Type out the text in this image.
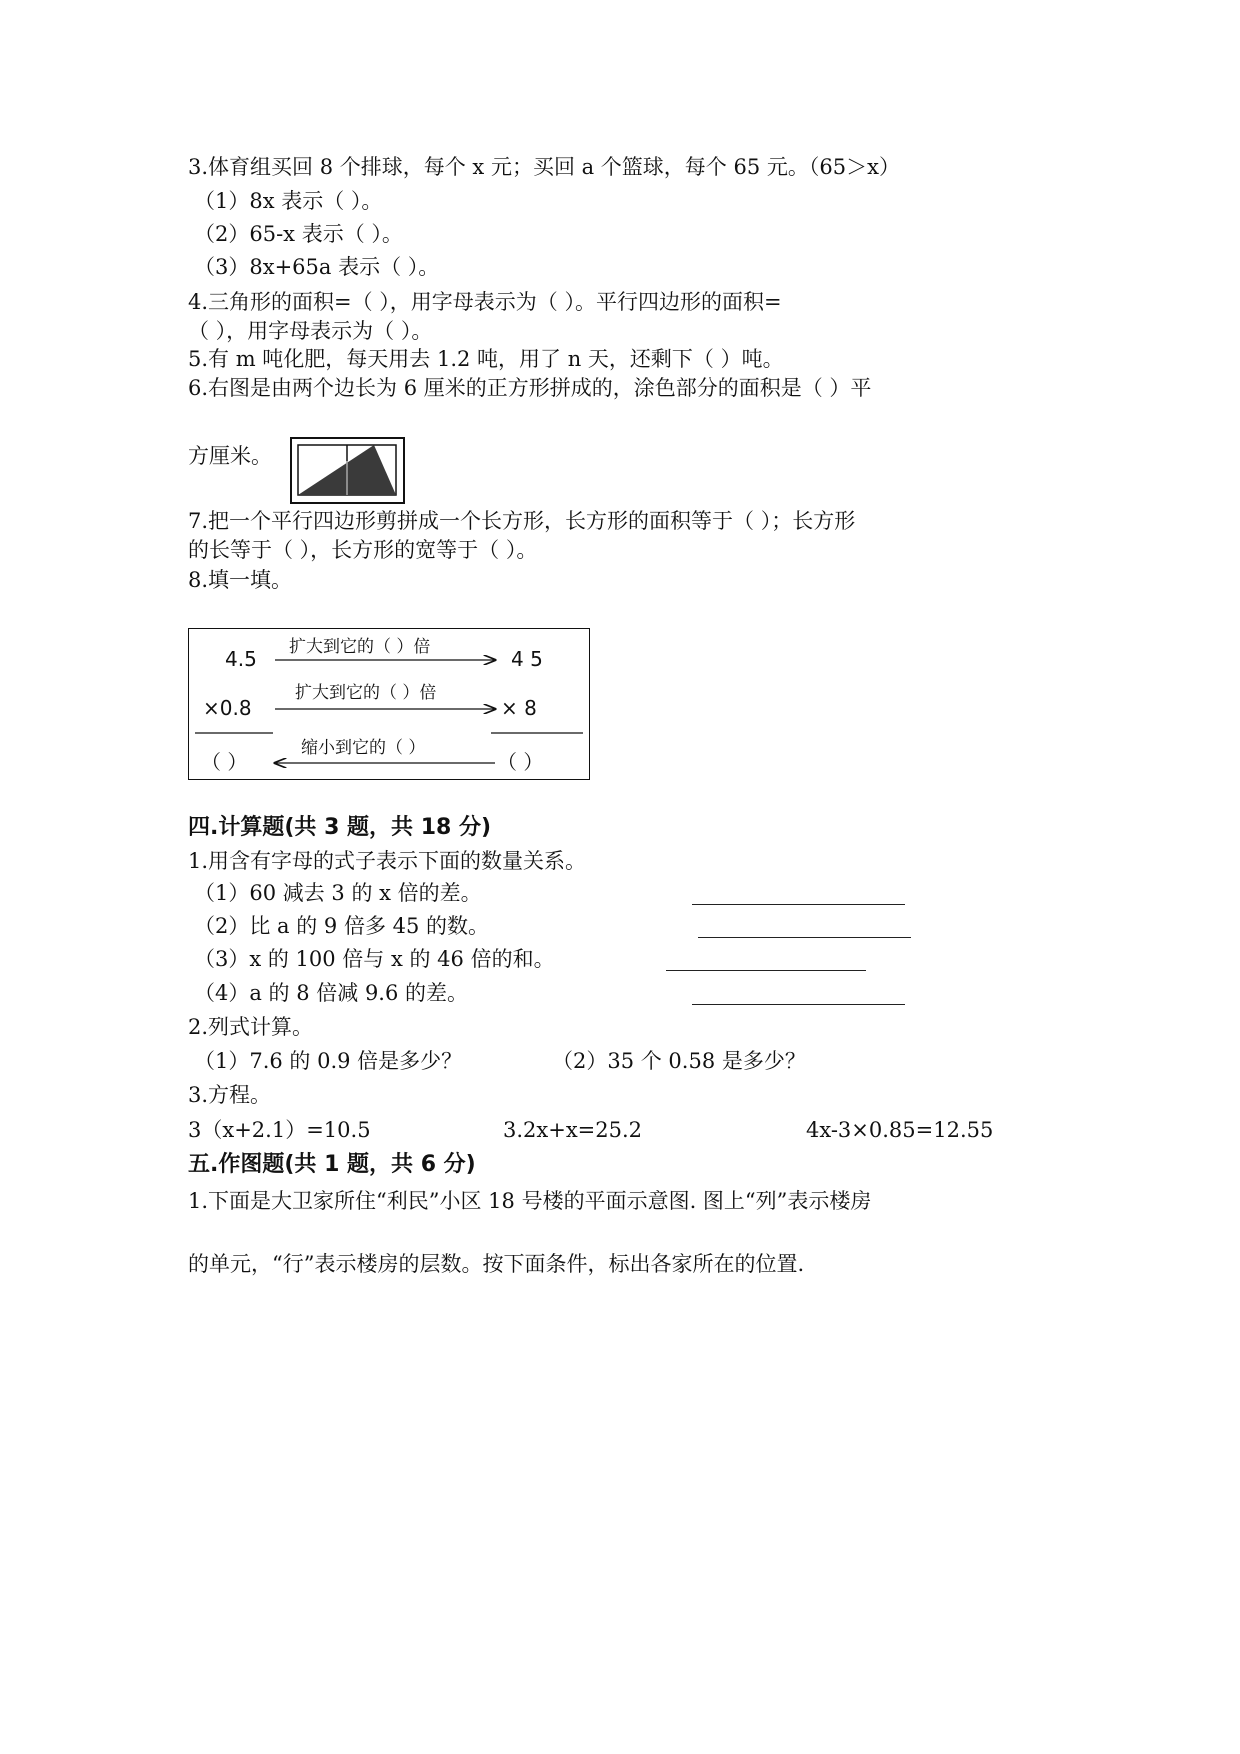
3.体育组买回 8 个排球，每个 x 元；买回 a 个篮球，每个 65 元。（65＞x）
（1）8x 表示（ ）。
（2）65-x 表示（ ）。
（3）8x+65a 表示（ ）。
4.三角形的面积=（ ），用字母表示为（ ）。平行四边形的面积=
（ ），用字母表示为（ ）。
5.有 m 吨化肥，每天用去 1.2 吨，用了 n 天，还剩下（ ）吨。
6.右图是由两个边长为 6 厘米的正方形拼成的，涂色部分的面积是（ ）平
方厘米。
7.把一个平行四边形剪拼成一个长方形，长方形的面积等于（ ）；长方形
的长等于（ ），长方形的宽等于（ ）。
8.填一填。
4.5 扩大到它的（ ）倍	4 5
×0.8
扩大到它的（ ）倍
× 8
缩小到它的（ ）
（ ）	（ ）
四.计算题(共 3 题，共 18 分)
1.用含有字母的式子表示下面的数量关系。
（1）60 减去 3 的 x 倍的差。
（2）比 a 的 9 倍多 45 的数。
（3）x 的 100 倍与 x 的 46 倍的和。
（4）a 的 8 倍减 9.6 的差。
2.列式计算。
（1）7.6 的 0.9 倍是多少？	（2）35 个 0.58 是多少？
3.方程。
3（x+2.1）=10.5	3.2x+x=25.2	4x-3×0.85=12.55
五.作图题(共 1 题，共 6 分)
1.下面是大卫家所住“利民”小区 18 号楼的平面示意图. 图上“列”表示楼房
的单元，“行”表示楼房的层数。按下面条件，标出各家所在的位置.
